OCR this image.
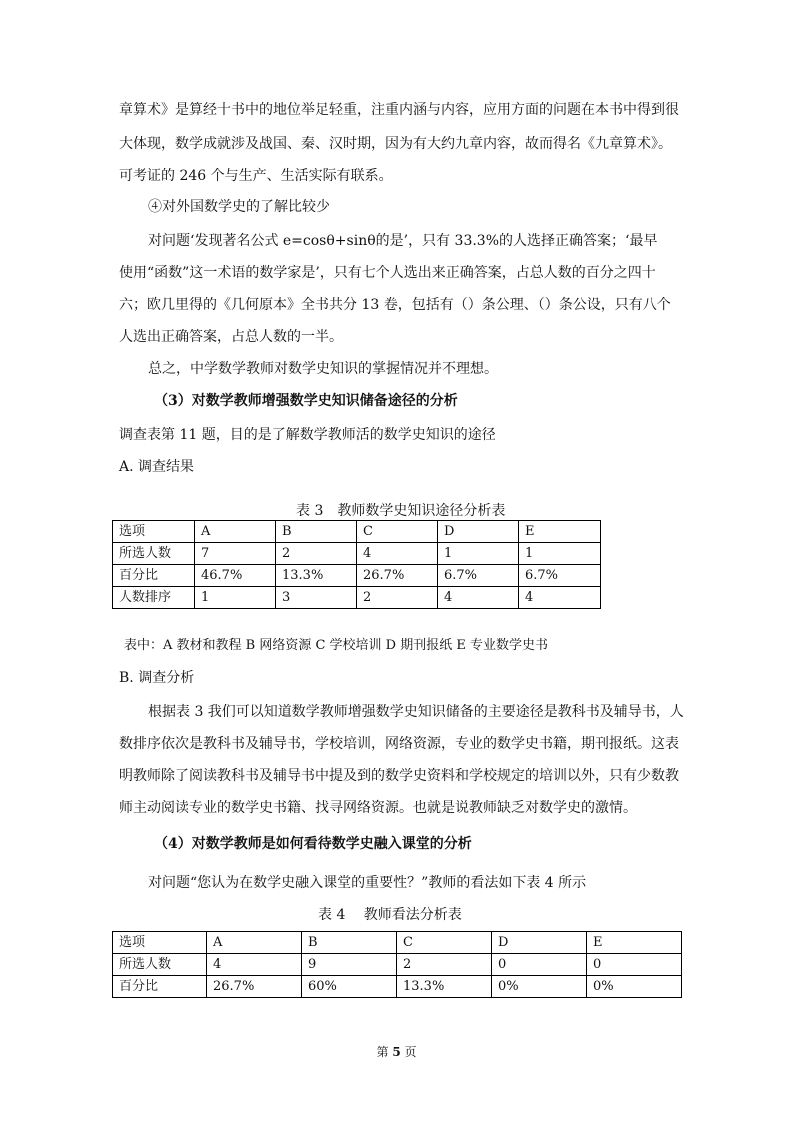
章算术》是算经十书中的地位举足轻重，注重内涵与内容，应用方面的问题在本书中得到很
大体现，数学成就涉及战国、秦、汉时期，因为有大约九章内容，故而得名《九章算术》。
可考证的 246 个与生产、生活实际有联系。
④对外国数学史的了解比较少
对问题‘发现著名公式 e=cosθ+sinθ的是’，只有 33.3%的人选择正确答案；‘最早
使用“函数”这一术语的数学家是’，只有七个人选出来正确答案，占总人数的百分之四十
六；欧几里得的《几何原本》全书共分 13 卷，包括有（）条公理、（）条公设，只有八个
人选出正确答案，占总人数的一半。
总之，中学数学教师对数学史知识的掌握情况并不理想。
（3）对数学教师增强数学史知识储备途径的分析
调查表第 11 题，目的是了解数学教师活的数学史知识的途径
A. 调查结果
表 3　教师数学史知识途径分析表
选项	A	B	C	D	E
所选人数	7	2	4	1	1
百分比	46.7%	13.3%	26.7%	6.7%	6.7%
人数排序	1	3	2	4	4
表中：A 教材和教程 B 网络资源 C 学校培训 D 期刊报纸 E 专业数学史书
B. 调查分析
根据表 3 我们可以知道数学教师增强数学史知识储备的主要途径是教科书及辅导书，人
数排序依次是教科书及辅导书，学校培训，网络资源，专业的数学史书籍，期刊报纸。这表
明教师除了阅读教科书及辅导书中提及到的数学史资料和学校规定的培训以外，只有少数教
师主动阅读专业的数学史书籍、找寻网络资源。也就是说教师缺乏对数学史的激情。
（4）对数学教师是如何看待数学史融入课堂的分析
对问题“您认为在数学史融入课堂的重要性？”教师的看法如下表 4 所示
表 4　 教师看法分析表
选项	A	B	C	D	E
所选人数	4	9	2	0	0
百分比	26.7%	60%	13.3%	0%	0%
第 5 页
